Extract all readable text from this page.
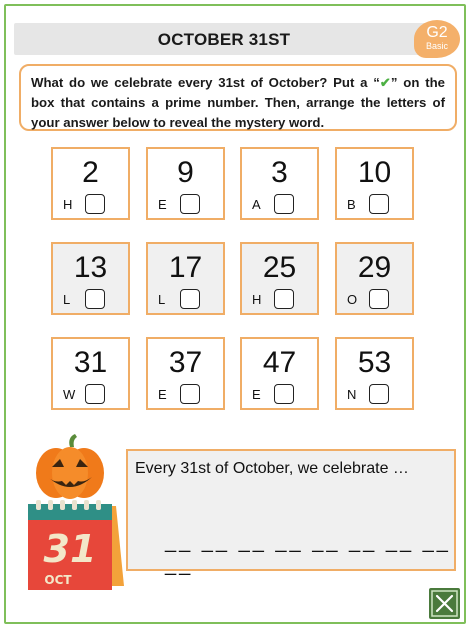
OCTOBER 31ST	G2
Basic
What do we celebrate every 31st of October? Put a “✔” on the box that contains a prime number. Then, arrange the letters of your answer below to reveal the mystery word.
2
H
9
E
3
A
10
B
13
L
17
L
25
H
29
O
31
W
37
E
47
E
53
N
31
OCT
Every 31st of October, we celebrate …
__ __ __ __ __ __ __ __ __
